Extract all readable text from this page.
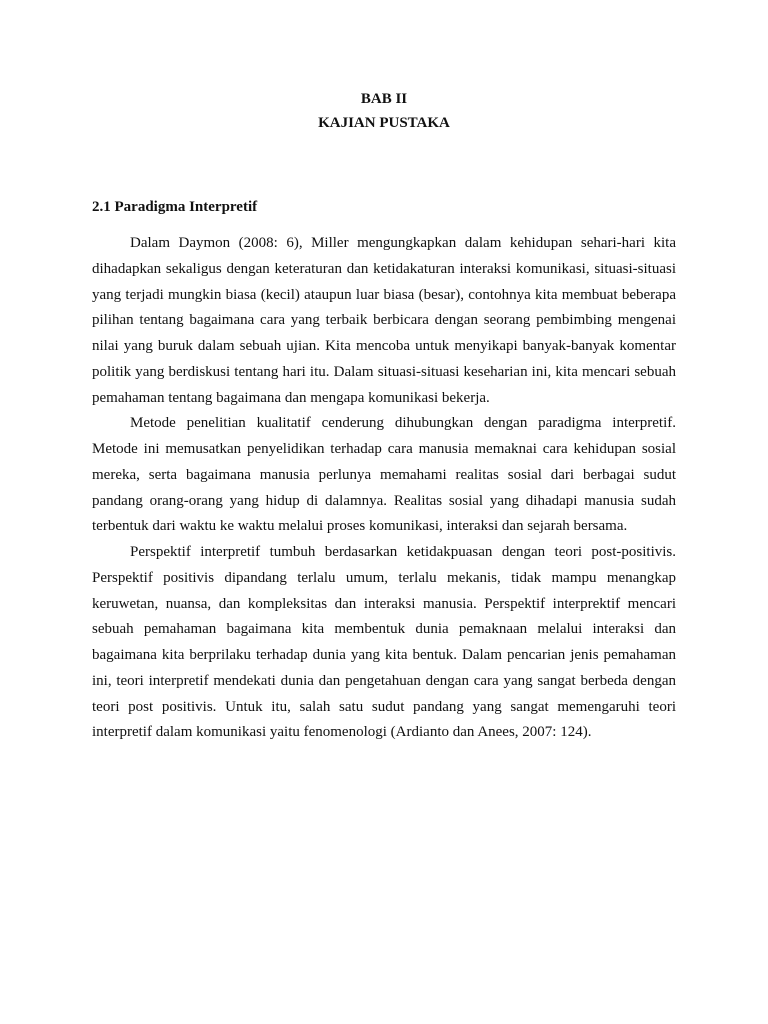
BAB II
KAJIAN PUSTAKA
2.1 Paradigma Interpretif

Dalam Daymon (2008: 6), Miller mengungkapkan dalam kehidupan sehari-hari kita dihadapkan sekaligus dengan keteraturan dan ketidakaturan interaksi komunikasi, situasi-situasi yang terjadi mungkin biasa (kecil) ataupun luar biasa (besar), contohnya kita membuat beberapa pilihan tentang bagaimana cara yang terbaik berbicara dengan seorang pembimbing mengenai nilai yang buruk dalam sebuah ujian. Kita mencoba untuk menyikapi banyak-banyak komentar politik yang berdiskusi tentang hari itu. Dalam situasi-situasi keseharian ini, kita mencari sebuah pemahaman tentang bagaimana dan mengapa komunikasi bekerja.

Metode penelitian kualitatif cenderung dihubungkan dengan paradigma interpretif. Metode ini memusatkan penyelidikan terhadap cara manusia memaknai cara kehidupan sosial mereka, serta bagaimana manusia perlunya memahami realitas sosial dari berbagai sudut pandang orang-orang yang hidup di dalamnya. Realitas sosial yang dihadapi manusia sudah terbentuk dari waktu ke waktu melalui proses komunikasi, interaksi dan sejarah bersama.

Perspektif interpretif tumbuh berdasarkan ketidakpuasan dengan teori post-positivis. Perspektif positivis dipandang terlalu umum, terlalu mekanis, tidak mampu menangkap keruwetan, nuansa, dan kompleksitas dan interaksi manusia. Perspektif interprektif mencari sebuah pemahaman bagaimana kita membentuk dunia pemaknaan melalui interaksi dan bagaimana kita berprilaku terhadap dunia yang kita bentuk. Dalam pencarian jenis pemahaman ini, teori interpretif mendekati dunia dan pengetahuan dengan cara yang sangat berbeda dengan teori post positivis. Untuk itu, salah satu sudut pandang yang sangat memengaruhi teori interpretif dalam komunikasi yaitu fenomenologi (Ardianto dan Anees, 2007: 124).
